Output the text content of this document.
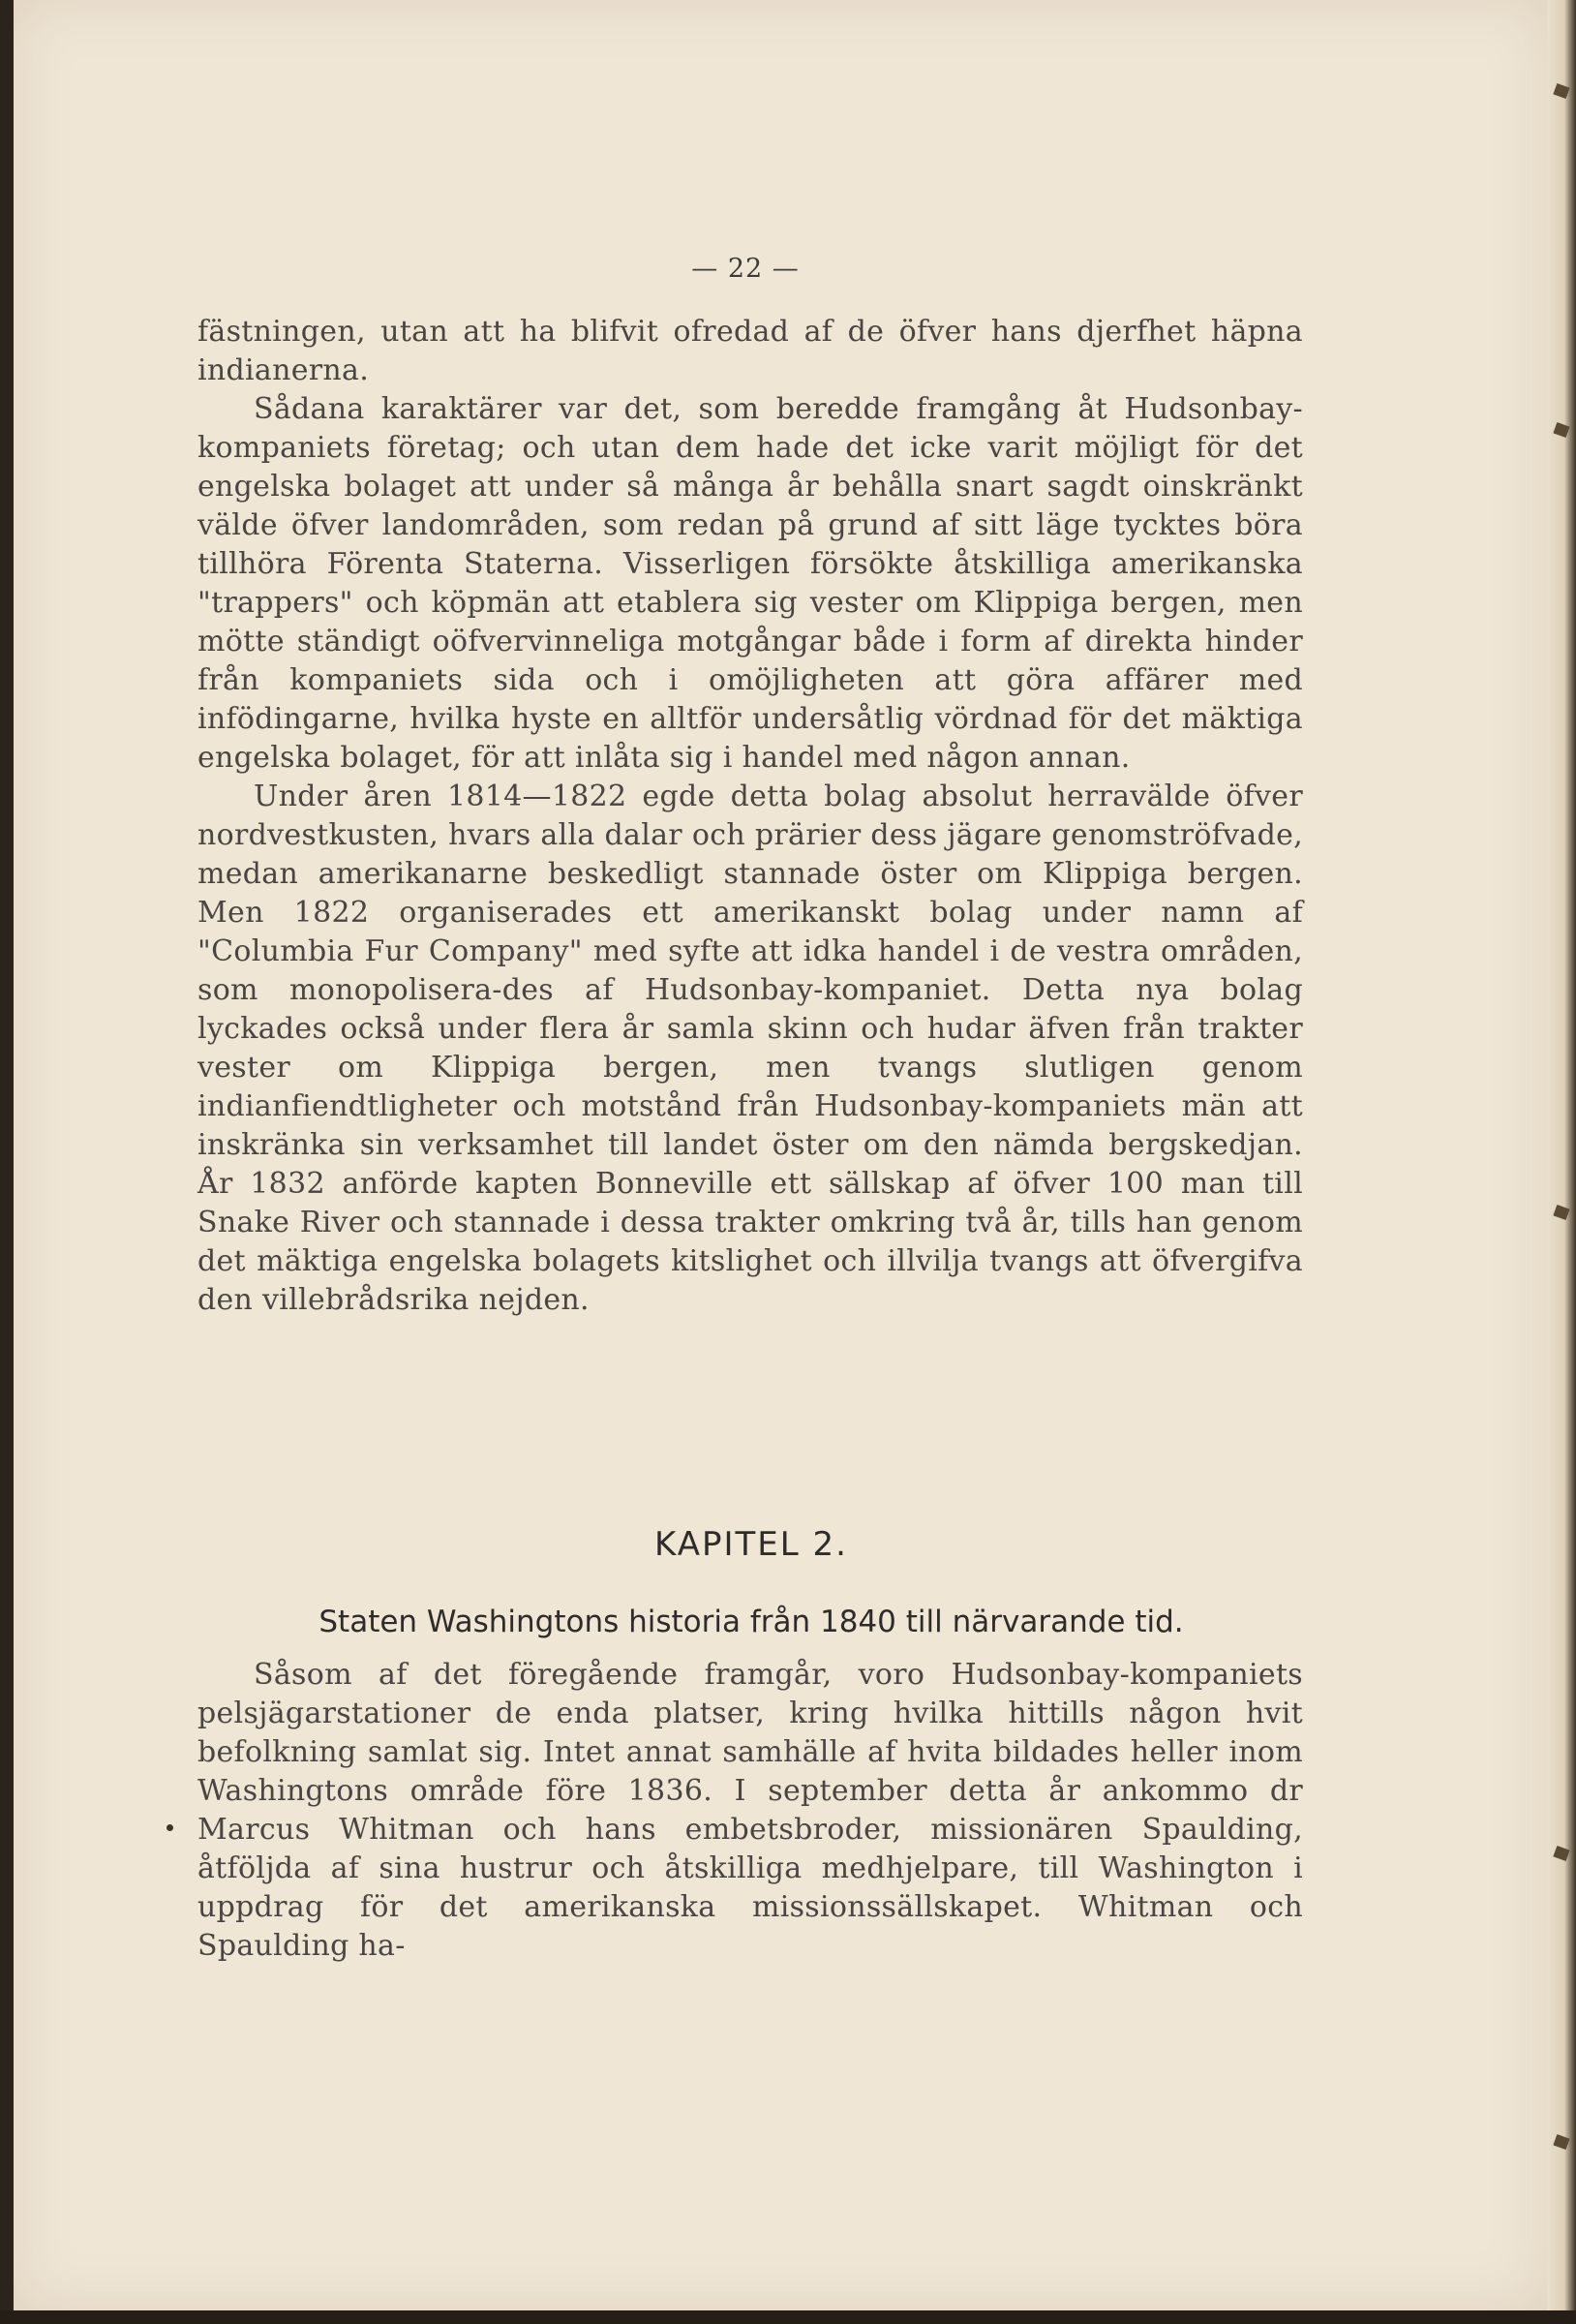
— 22 —

fästningen, utan att ha blifvit ofredad af de öfver hans djerfhet häpna indianerna.

Sådana karaktärer var det, som beredde framgång åt Hudsonbay-kompaniets företag; och utan dem hade det icke varit möjligt för det engelska bolaget att under så många år behålla snart sagdt oinskränkt välde öfver landområden, som redan på grund af sitt läge tycktes böra tillhöra Förenta Staterna. Visserligen försökte åtskilliga amerikanska "trappers" och köpmän att etablera sig vester om Klippiga bergen, men mötte ständigt oöfvervinneliga motgångar både i form af direkta hinder från kompaniets sida och i omöjligheten att göra affärer med infödingarne, hvilka hyste en alltför undersåtlig vördnad för det mäktiga engelska bolaget, för att inlåta sig i handel med någon annan.

Under åren 1814—1822 egde detta bolag absolut herravälde öfver nordvestkusten, hvars alla dalar och prärier dess jägare genomströfvade, medan amerikanarne beskedligt stannade öster om Klippiga bergen. Men 1822 organiserades ett amerikanskt bolag under namn af "Columbia Fur Company" med syfte att idka handel i de vestra områden, som monopolisera-des af Hudsonbay-kompaniet. Detta nya bolag lyckades också under flera år samla skinn och hudar äfven från trakter vester om Klippiga bergen, men tvangs slutligen genom indianfiendtligheter och motstånd från Hudsonbay-kompaniets män att inskränka sin verksamhet till landet öster om den nämda bergskedjan. År 1832 anförde kapten Bonneville ett sällskap af öfver 100 man till Snake River och stannade i dessa trakter omkring två år, tills han genom det mäktiga engelska bolagets kitslighet och illvilja tvangs att öfvergifva den villebrådsrika nejden.

KAPITEL 2.
Staten Washingtons historia från 1840 till närvarande tid.

Såsom af det föregående framgår, voro Hudsonbay-kompaniets pelsjägarstationer de enda platser, kring hvilka hittills någon hvit befolkning samlat sig. Intet annat samhälle af hvita bildades heller inom Washingtons område före 1836. I september detta år ankommo dr Marcus Whitman och hans embetsbroder, missionären Spaulding, åtföljda af sina hustrur och åtskilliga medhjelpare, till Washington i uppdrag för det amerikanska missionssällskapet. Whitman och Spaulding ha-
